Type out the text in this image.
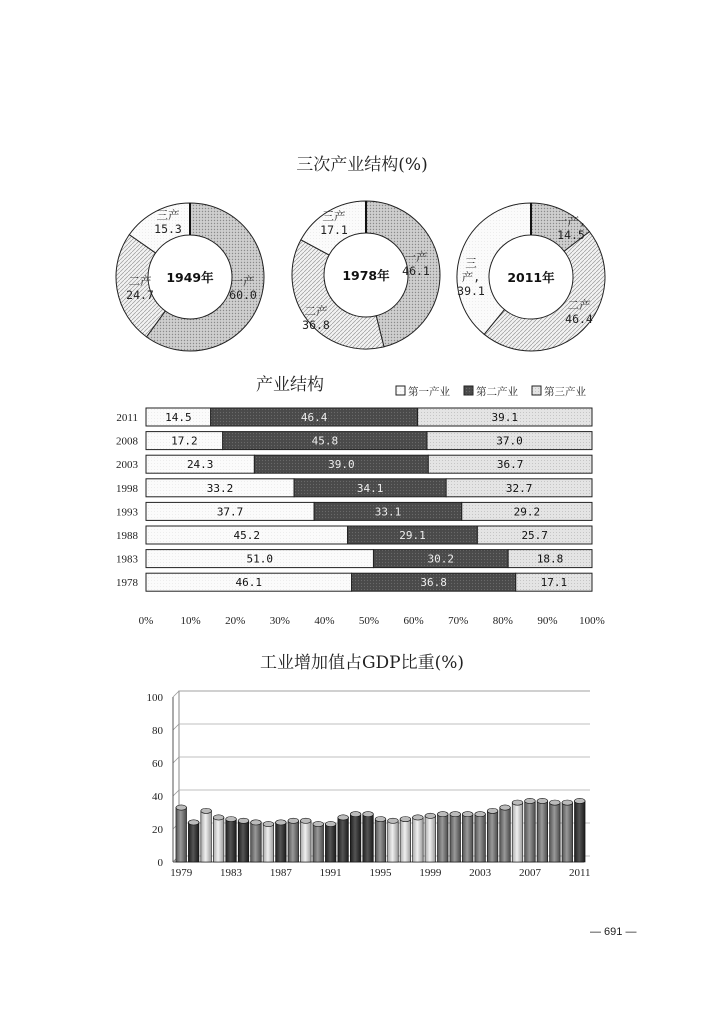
三次产业结构(%)
1949年 一产 60.0
二产 24.7
三产 15.3
1978年
一产 46.1
二产 36.8
三产 17.1
2011年
一产, 14.5
二产 46.4
三产, 39.1
产业结构	第一产业 第二产业 第三产业
2011 14.5	46.4	39.1
2008	17.2	45.8	37.0
2003	24.3	39.0	36.7
1998	33.2	34.1	32.7
1993	37.7	33.1	29.2
1988	45.2	29.1	25.7
1983	51.0	30.2	18.8
1978	46.1	36.8	17.1
0% 10% 20% 30% 40% 50% 60% 70% 80% 90% 100%
工业增加值占GDP比重(%)
0
20
40
60
80
100
1979	1983	1987	1991	1995	1999	2003	2007	2011
— 691 —
